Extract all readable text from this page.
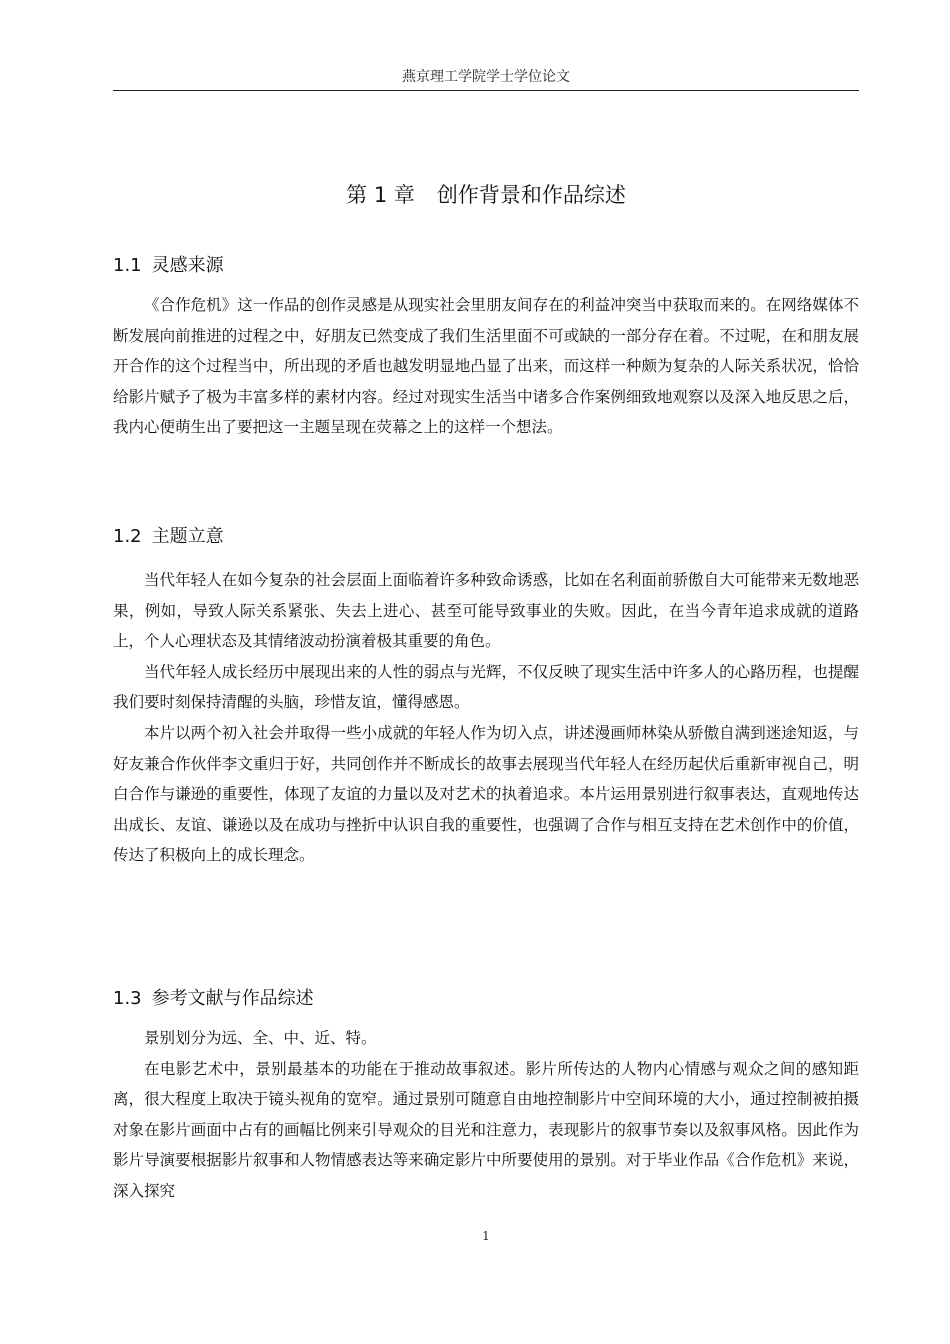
燕京理工学院学士学位论文
第 1 章 创作背景和作品综述
1.1 灵感来源

《合作危机》这一作品的创作灵感是从现实社会里朋友间存在的利益冲突当中获取而来的。在网络媒体不断发展向前推进的过程之中，好朋友已然变成了我们生活里面不可或缺的一部分存在着。不过呢，在和朋友展开合作的这个过程当中，所出现的矛盾也越发明显地凸显了出来，而这样一种颇为复杂的人际关系状况，恰恰给影片赋予了极为丰富多样的素材内容。经过对现实生活当中诸多合作案例细致地观察以及深入地反思之后，我内心便萌生出了要把这一主题呈现在荧幕之上的这样一个想法。

1.2 主题立意

当代年轻人在如今复杂的社会层面上面临着许多种致命诱惑，比如在名利面前骄傲自大可能带来无数地恶果，例如，导致人际关系紧张、失去上进心、甚至可能导致事业的失败。因此，在当今青年追求成就的道路上，个人心理状态及其情绪波动扮演着极其重要的角色。

当代年轻人成长经历中展现出来的人性的弱点与光辉，不仅反映了现实生活中许多人的心路历程，也提醒我们要时刻保持清醒的头脑，珍惜友谊，懂得感恩。

本片以两个初入社会并取得一些小成就的年轻人作为切入点，讲述漫画师林染从骄傲自满到迷途知返，与好友兼合作伙伴李文重归于好，共同创作并不断成长的故事去展现当代年轻人在经历起伏后重新审视自己，明白合作与谦逊的重要性，体现了友谊的力量以及对艺术的执着追求。本片运用景别进行叙事表达，直观地传达出成长、友谊、谦逊以及在成功与挫折中认识自我的重要性，也强调了合作与相互支持在艺术创作中的价值，传达了积极向上的成长理念。

1.3 参考文献与作品综述

景别划分为远、全、中、近、特。

在电影艺术中，景别最基本的功能在于推动故事叙述。影片所传达的人物内心情感与观众之间的感知距离，很大程度上取决于镜头视角的宽窄。通过景别可随意自由地控制影片中空间环境的大小，通过控制被拍摄对象在影片画面中占有的画幅比例来引导观众的目光和注意力，表现影片的叙事节奏以及叙事风格。因此作为影片导演要根据影片叙事和人物情感表达等来确定影片中所要使用的景别。对于毕业作品《合作危机》来说，深入探究

1
